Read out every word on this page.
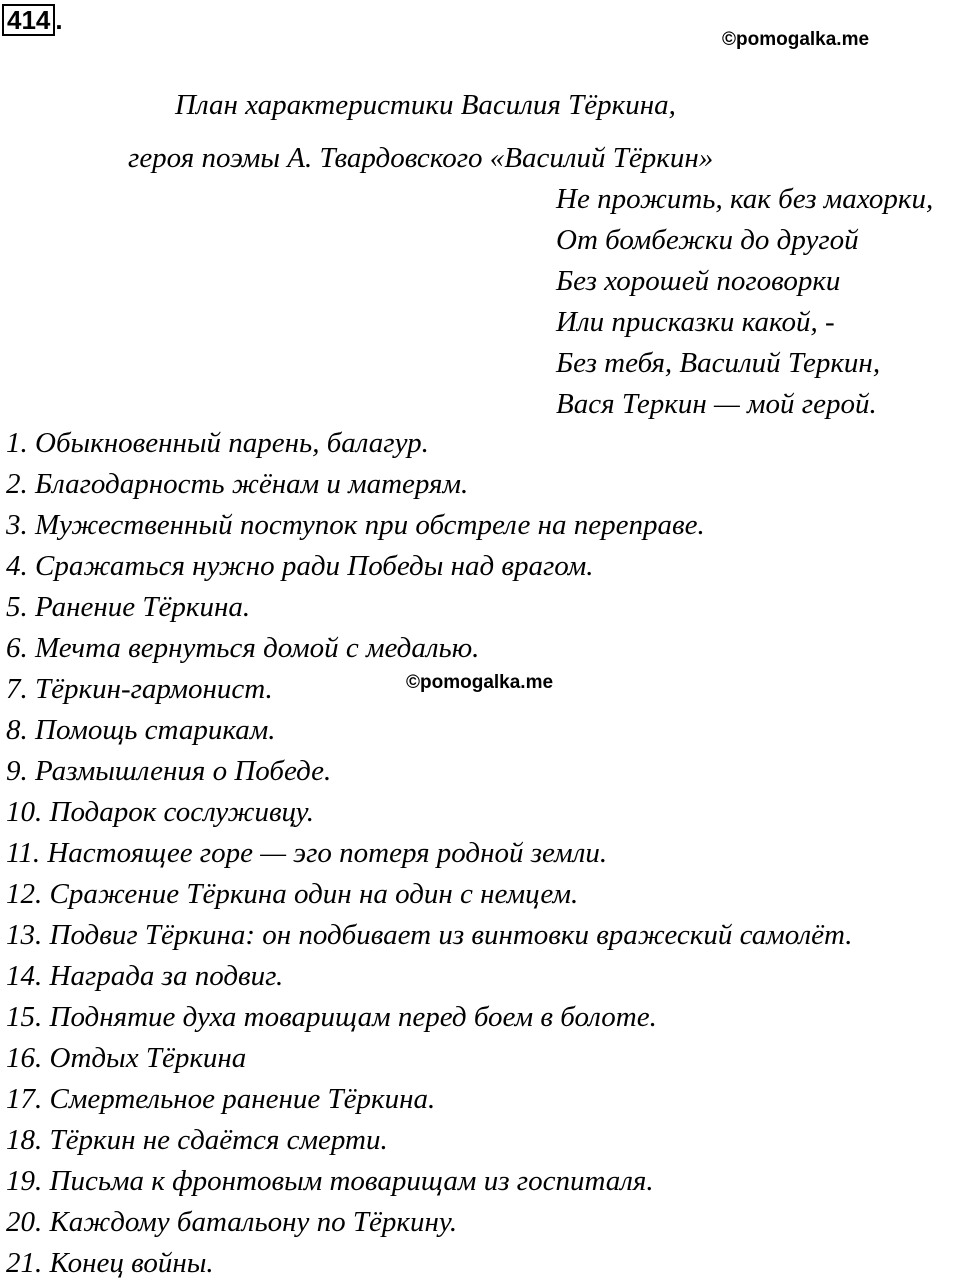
414 .
©pomogalka.me
План характеристики Василия Тёркина,
героя поэмы А. Твардовского «Василий Тёркин»
Не прожить, как без махорки,
От бомбежки до другой
Без хорошей поговорки
Или присказки какой, -
Без тебя, Василий Теркин,
Вася Теркин — мой герой.
1. Обыкновенный парень, балагур.
2. Благодарность жёнам и матерям.
3. Мужественный поступок при обстреле на переправе.
4. Сражаться нужно ради Победы над врагом.
5. Ранение Тёркина.
6. Мечта вернуться домой с медалью.
7. Тёркин-гармонист.
8. Помощь старикам.
9. Размышления о Победе.
10. Подарок сослуживцу.
11. Настоящее горе — эго потеря родной земли.
12. Сражение Тёркина один на один с немцем.
13. Подвиг Тёркина: он подбивает из винтовки вражеский самолёт.
14. Награда за подвиг.
15. Поднятие духа товарищам перед боем в болоте.
16. Отдых Тёркина
17. Смертельное ранение Тёркина.
18. Тёркин не сдаётся смерти.
19. Письма к фронтовым товарищам из госпиталя.
20. Каждому батальону по Тёркину.
21. Конец войны.
©pomogalka.me
